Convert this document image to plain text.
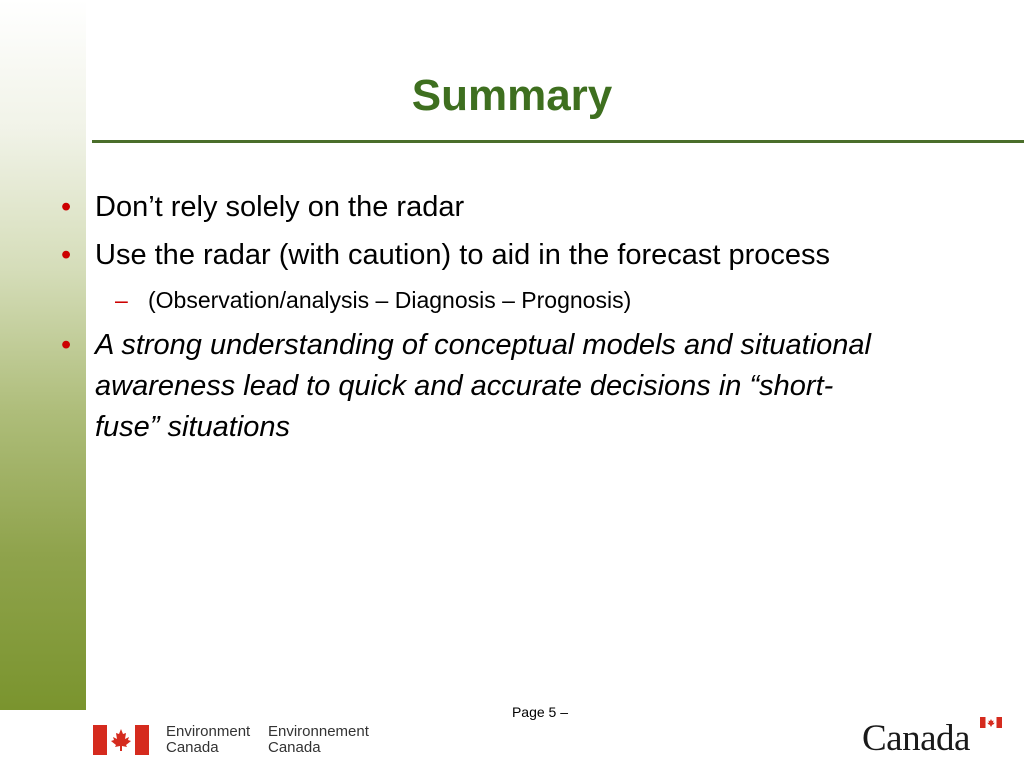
Summary
• Don’t rely solely on the radar
• Use the radar (with caution) to aid in the forecast process
– (Observation/analysis – Diagnosis – Prognosis)
• A strong understanding of conceptual models and situational awareness lead to quick and accurate decisions in “short-fuse” situations
Page 5 –
Environment
Canada
Environnement
Canada	Canada
